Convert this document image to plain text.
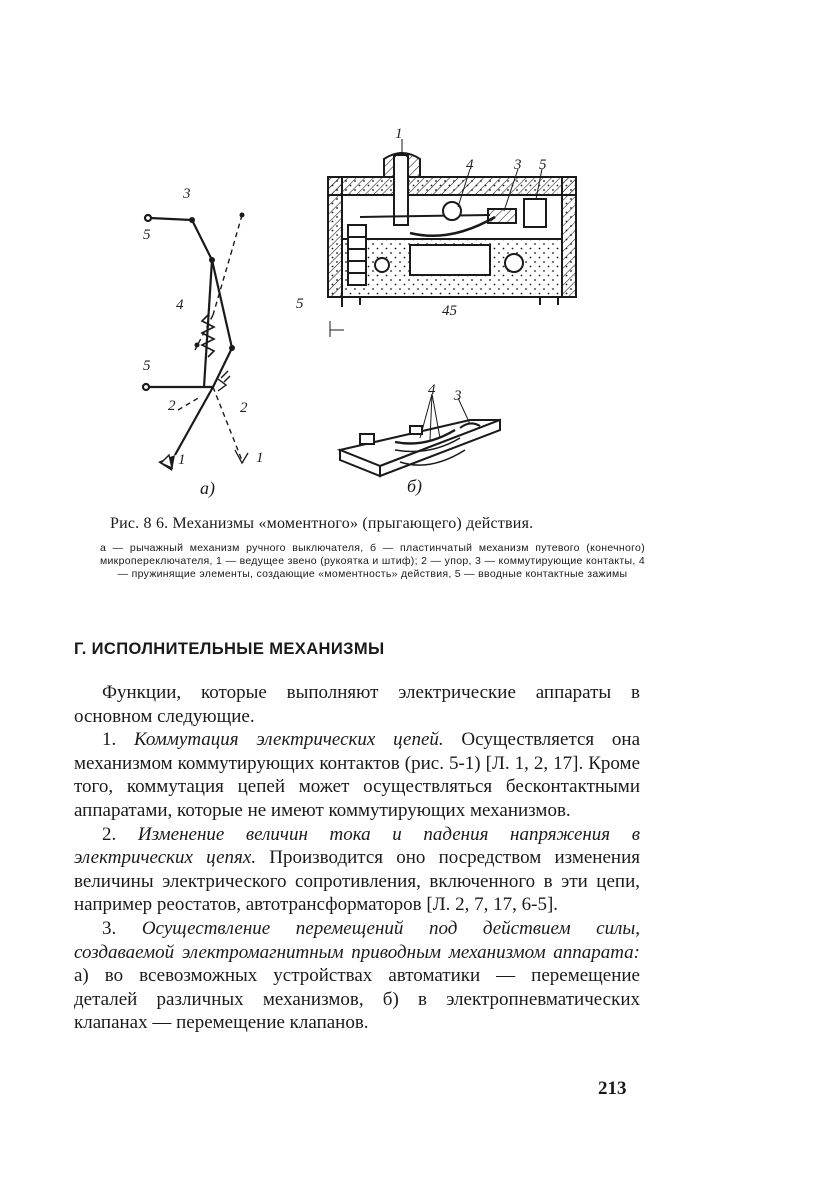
3
5
4
5
2	2
1	1
а)
1
4	3 5
5	45
4 3
б)
Рис. 8 6. Механизмы «моментного» (прыгающего) действия.
а — рычажный механизм ручного выключателя, б — пластинчатый механизм путевого (конечного) микропереключателя, 1 — ведущее звено (рукоятка и штиф); 2 — упор, 3 — коммутирующие контакты, 4 — пружинящие элементы, создающие «моментность» действия, 5 — вводные контактные зажимы
Г. ИСПОЛНИТЕЛЬНЫЕ МЕХАНИЗМЫ

Функции, которые выполняют электрические аппараты в основном следующие.

1. Коммутация электрических цепей. Осуществляется она механизмом коммутирующих контактов (рис. 5-1) [Л. 1, 2, 17]. Кроме того, коммутация цепей может осуществляться бесконтактными аппаратами, которые не имеют коммутирующих механизмов.

2. Изменение величин тока и падения напряжения в электрических цепях. Производится оно посредством изменения величины электрического сопротивления, включенного в эти цепи, например реостатов, автотрансформаторов [Л. 2, 7, 17, 6-5].

3. Осуществление перемещений под действием силы, создаваемой электромагнитным приводным механизмом аппарата: а) во всевозможных устройствах автоматики — перемещение деталей различных механизмов, б) в электропневматических клапанах — перемещение клапанов.

213
